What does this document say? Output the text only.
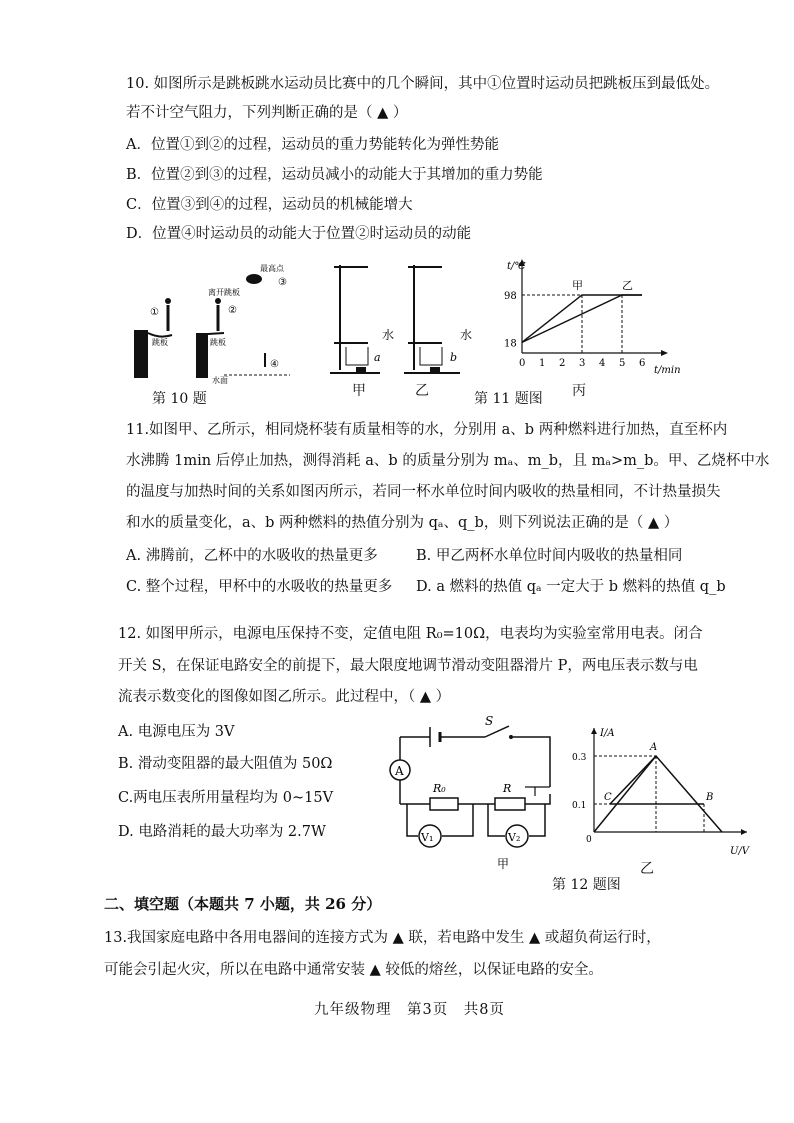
10. 如图所示是跳板跳水运动员比赛中的几个瞬间，其中①位置时运动员把跳板压到最低处。
若不计空气阻力，下列判断正确的是（ ▲ ）
A．位置①到②的过程，运动员的重力势能转化为弹性势能
B．位置②到③的过程，运动员减小的动能大于其增加的重力势能
C．位置③到④的过程，运动员的机械能增大
D．位置④时运动员的动能大于位置②时运动员的动能
①	②
③
④
最高点
离开跳板
跳板	跳板
水面
第 10 题
水
a
水
b
甲	乙
0 1 2 3 4 5 6
18
98
甲	乙
t/℃
t/min
第 11 题图 丙
11.如图甲、乙所示，相同烧杯装有质量相等的水，分别用 a、b 两种燃料进行加热，直至杯内
水沸腾 1min 后停止加热，测得消耗 a、b 的质量分别为 mₐ、m_b，且 mₐ>m_b。甲、乙烧杯中水
的温度与加热时间的关系如图丙所示，若同一杯水单位时间内吸收的热量相同，不计热量损失
和水的质量变化，a、b 两种燃料的热值分别为 qₐ、q_b，则下列说法正确的是（ ▲ ）
A. 沸腾前，乙杯中的水吸收的热量更多	B. 甲乙两杯水单位时间内吸收的热量相同
C. 整个过程，甲杯中的水吸收的热量更多 D. a 燃料的热值 qₐ 一定大于 b 燃料的热值 q_b
12. 如图甲所示，电源电压保持不变，定值电阻 R₀=10Ω，电表均为实验室常用电表。闭合
开关 S，在保证电路安全的前提下，最大限度地调节滑动变阻器滑片 P，两电压表示数与电
流表示数变化的图像如图乙所示。此过程中，（ ▲ ）
A. 电源电压为 3V
B. 滑动变阻器的最大阻值为 50Ω
C.两电压表所用量程均为 0~15V
D. 电路消耗的最大功率为 2.7W
S
A
R₀	R
V₁	V₂
甲
I/A
U/V
0.3
0.1
0
A
B
C
第 12 题图
乙
二、填空题（本题共 7 小题，共 26 分）
13.我国家庭电路中各用电器间的连接方式为 ▲ 联，若电路中发生 ▲ 或超负荷运行时，
可能会引起火灾，所以在电路中通常安装 ▲ 较低的熔丝，以保证电路的安全。
九年级物理　第3页　共8页
